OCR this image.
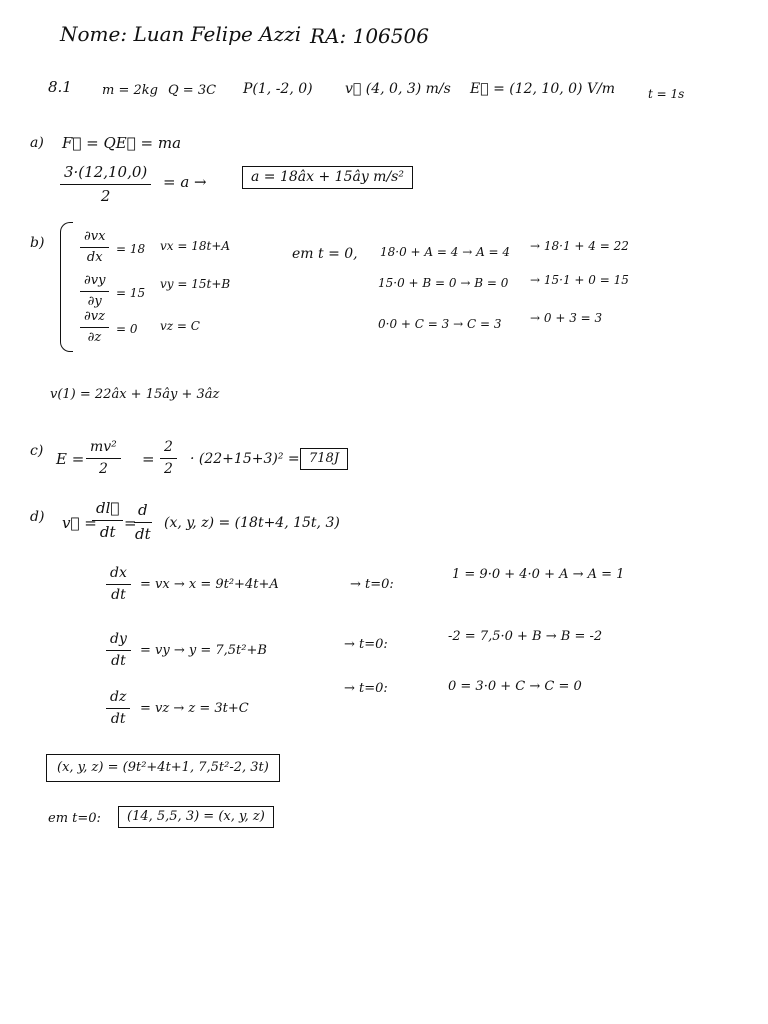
Nome: Luan Felipe Azzi RA: 106506
8.1 m = 2kg Q = 3C P(1, -2, 0) v⃗ (4, 0, 3) m/s E⃗ = (12, 10, 0) V/m	t = 1s
a) F⃗ = QE⃗ = ma
$\frac{3\cdot(12,10,0)}{2} = a$ →	a = 18âx + 15ây m/s²
b)	$\frac{\partial vx}{dx} = 18$ vx = 18t+A
$\frac{\partial vy}{\partial y} = 15$
vy = 15t+B
$\frac{\partial vz}{\partial z} = 0$ vz = C
em t = 0, 18·0 + A = 4 → A = 4 → 18·1 + 4 = 22
15·0 + B = 0 → B = 0 → 15·1 + 0 = 15
0·0 + C = 3 → C = 3 → 0 + 3 = 3
v(1) = 22âx + 15ây + 3âz
c) $E = \frac{\text{mv²}}{2} = \frac{2}{2} \cdot (22+15+3)^2 = 718J$
d) v⃗ =
$\frac{dl⃗}{dt}$ =
$\frac{d}{dt} (x$, y, z) = (18t+4, 15t, 3)
$\frac{dx}{dt}$ = vx → x = 9t²+4t+A	→ t=0:
1 = 9·0 + 4·0 + A → A = 1
$\frac{dy}{dt}$ = vy → y = 7,5t²+B	→ t=0:
-2 = 7,5·0 + B → B = -2
$\frac{dz}{dt}$ = vz → z = 3t+C
→ t=0:	0 = 3·0 + C → C = 0
(x, y, z) = (9t²+4t+1, 7,5t²-2, 3t)
em t=0:	(14, 5,5, 3) = (x, y, z)
